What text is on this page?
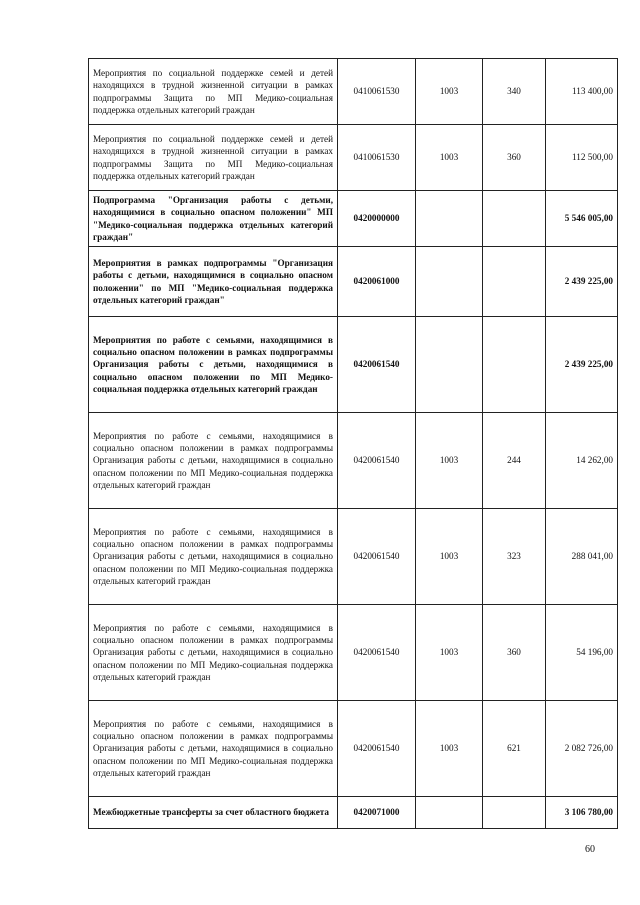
Мероприятия по социальной поддержке семей и детей находящихся в трудной жизненной ситуации в рамках подпрограммы Защита по МП Медико-социальная поддержка отдельных категорий граждан	0410061530	1003	340	113 400,00
Мероприятия по социальной поддержке семей и детей находящихся в трудной жизненной ситуации в рамках подпрограммы Защита по МП Медико-социальная поддержка отдельных категорий граждан	0410061530	1003	360	112 500,00
Подпрограмма "Организация работы с детьми, находящимися в социально опасном положении" МП "Медико-социальная поддержка отдельных категорий граждан"	0420000000			5 546 005,00
Мероприятия в рамках подпрограммы "Организация работы с детьми, находящимися в социально опасном положении" по МП "Медико-социальная поддержка отдельных категорий граждан"	0420061000			2 439 225,00
Мероприятия по работе с семьями, находящимися в социально опасном положении в рамках подпрограммы Организация работы с детьми, находящимися в социально опасном положении по МП Медико-социальная поддержка отдельных категорий граждан	0420061540			2 439 225,00
Мероприятия по работе с семьями, находящимися в социально опасном положении в рамках подпрограммы Организация работы с детьми, находящимися в социально опасном положении по МП Медико-социальная поддержка отдельных категорий граждан	0420061540	1003	244	14 262,00
Мероприятия по работе с семьями, находящимися в социально опасном положении в рамках подпрограммы Организация работы с детьми, находящимися в социально опасном положении по МП Медико-социальная поддержка отдельных категорий граждан	0420061540	1003	323	288 041,00
Мероприятия по работе с семьями, находящимися в социально опасном положении в рамках подпрограммы Организация работы с детьми, находящимися в социально опасном положении по МП Медико-социальная поддержка отдельных категорий граждан	0420061540	1003	360	54 196,00
Мероприятия по работе с семьями, находящимися в социально опасном положении в рамках подпрограммы Организация работы с детьми, находящимися в социально опасном положении по МП Медико-социальная поддержка отдельных категорий граждан	0420061540	1003	621	2 082 726,00
Межбюджетные трансферты за счет областного бюджета	0420071000			3 106 780,00
60
